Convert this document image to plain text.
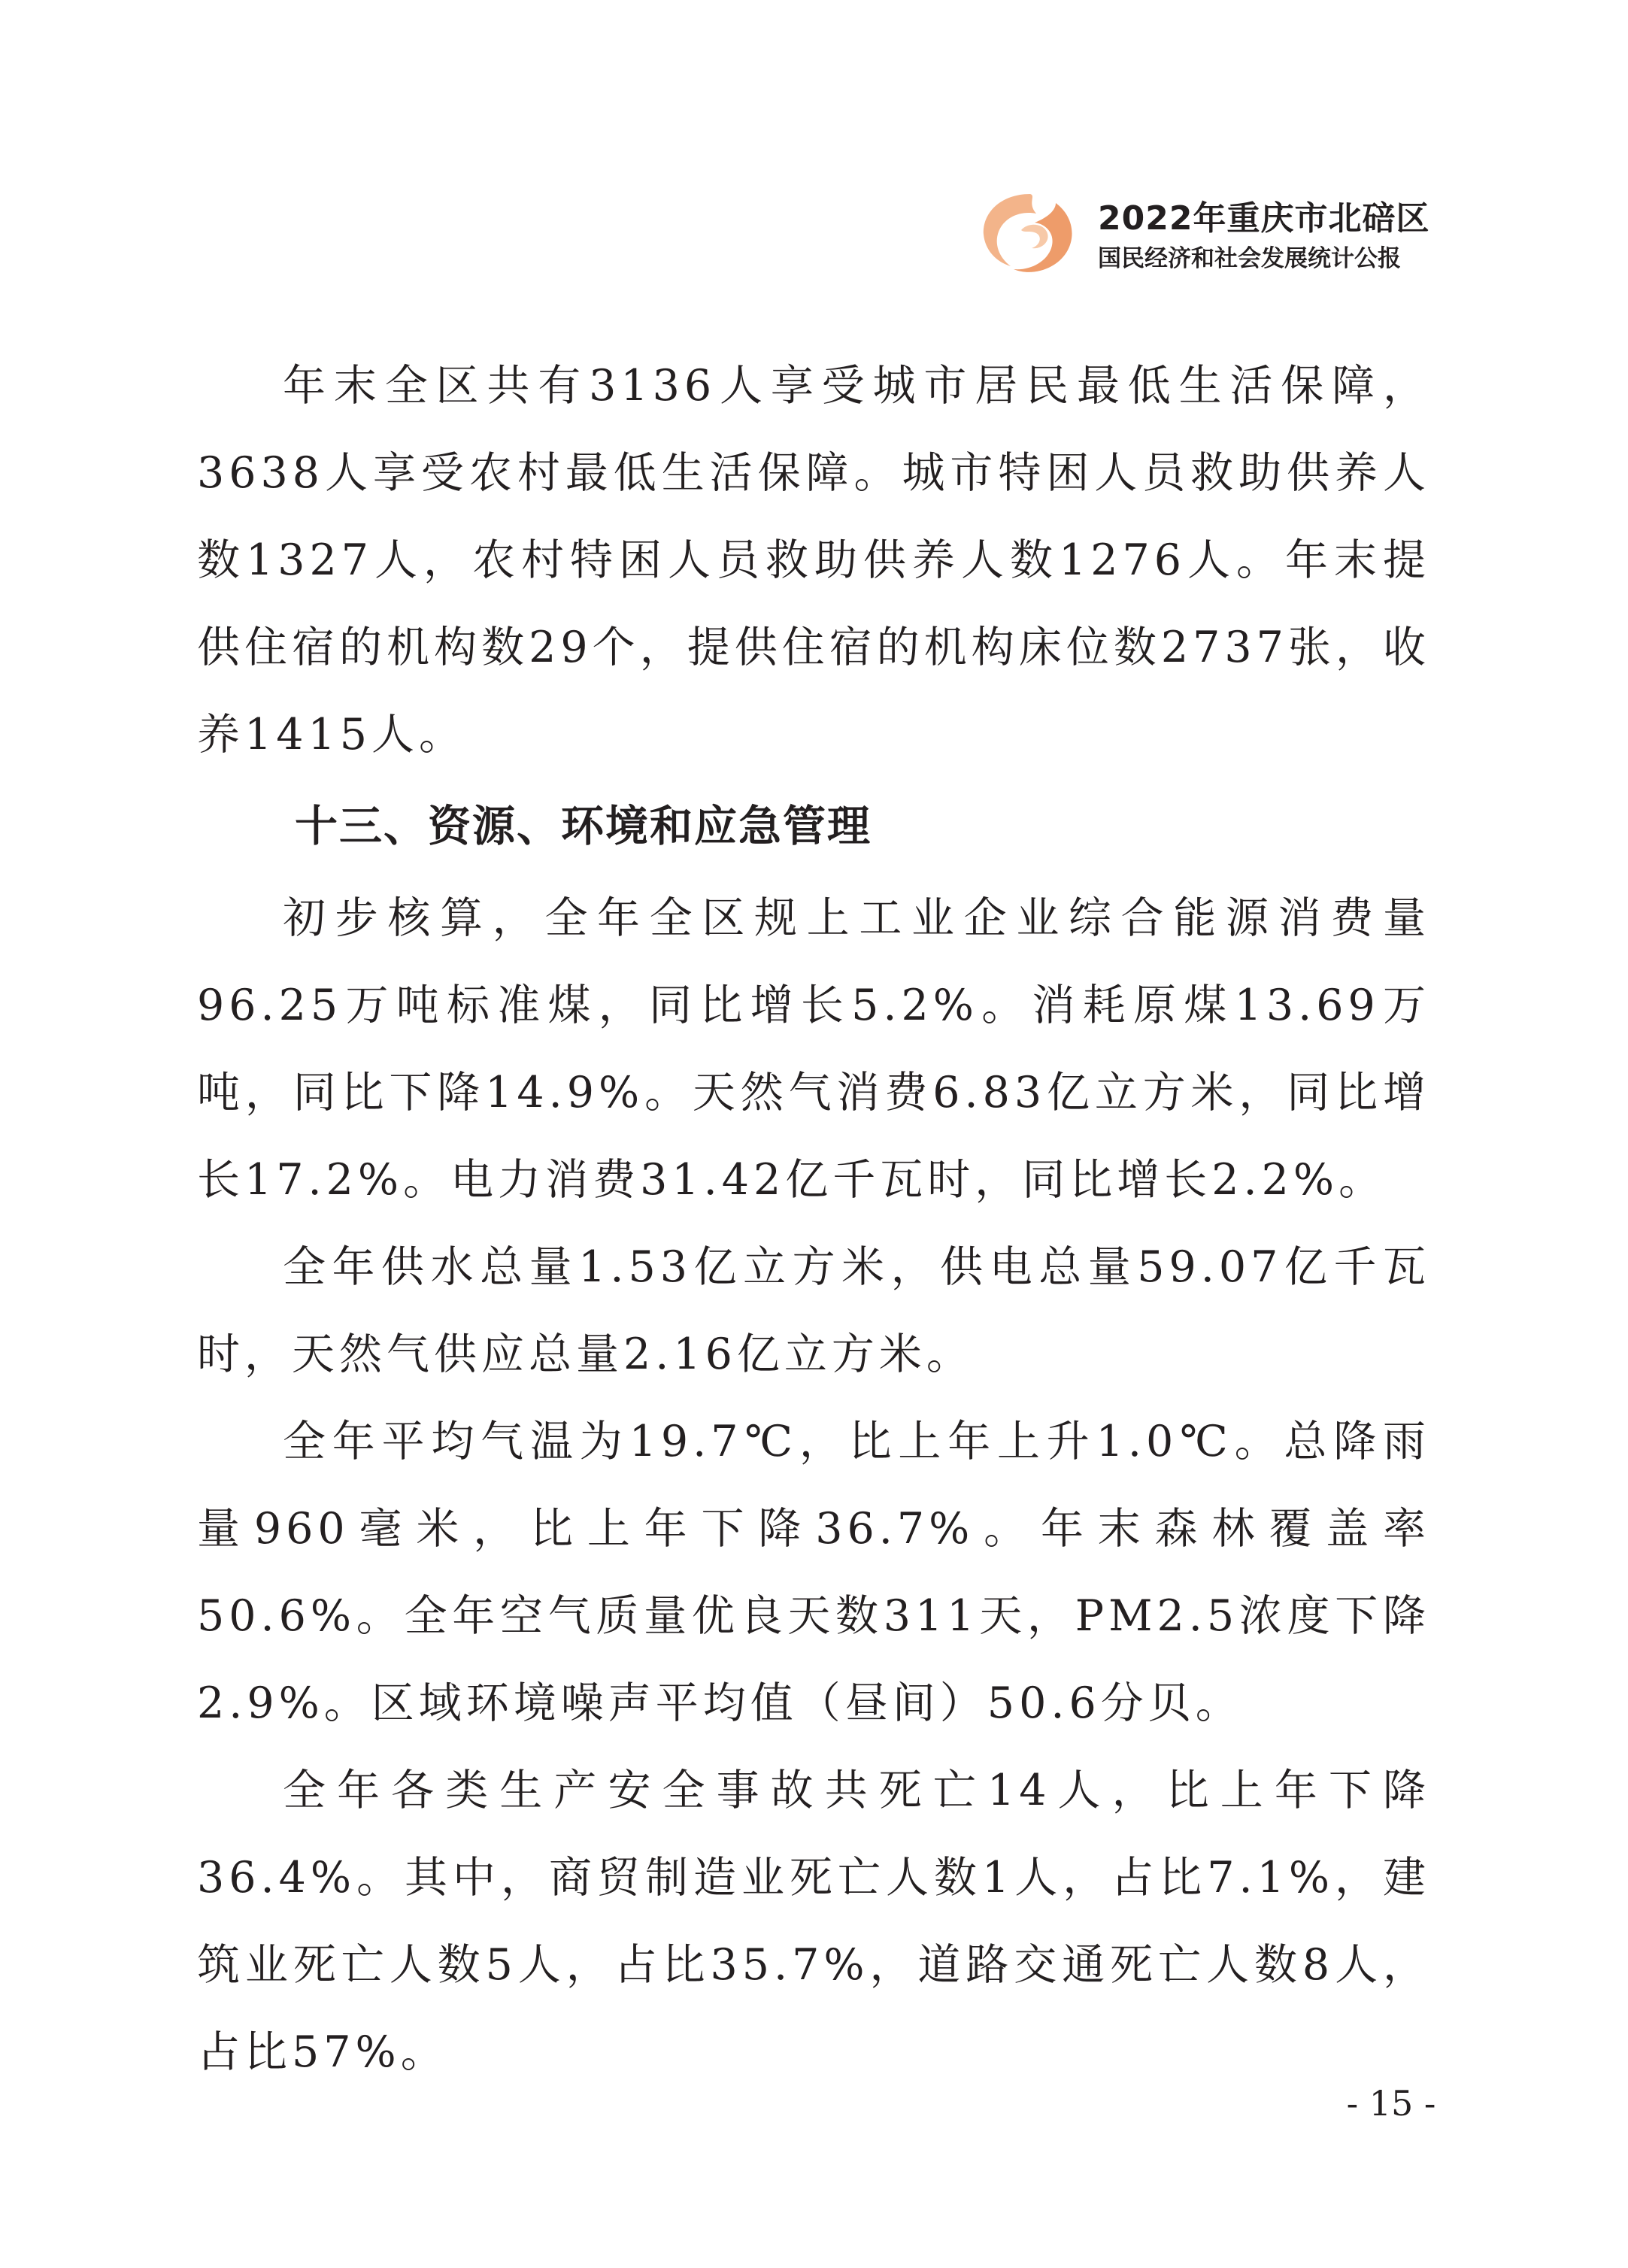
2022年重庆市北碚区
国民经济和社会发展统计公报

年末全区共有3136人享受城市居民最低生活保障，3638人享受农村最低生活保障。城市特困人员救助供养人数1327人，农村特困人员救助供养人数1276人。年末提供住宿的机构数29个，提供住宿的机构床位数2737张，收养1415人。

十三、资源、环境和应急管理

初步核算，全年全区规上工业企业综合能源消费量96.25万吨标准煤，同比增长5.2%。消耗原煤13.69万吨，同比下降14.9%。天然气消费6.83亿立方米，同比增长17.2%。电力消费31.42亿千瓦时，同比增长2.2%。

全年供水总量1.53亿立方米，供电总量59.07亿千瓦时，天然气供应总量2.16亿立方米。

全年平均气温为19.7℃，比上年上升1.0℃。总降雨量960毫米，比上年下降36.7%。年末森林覆盖率50.6%。全年空气质量优良天数311天，PM2.5浓度下降2.9%。区域环境噪声平均值（昼间）50.6分贝。

全年各类生产安全事故共死亡14人，比上年下降36.4%。其中，商贸制造业死亡人数1人，占比7.1%，建筑业死亡人数5人，占比35.7%，道路交通死亡人数8人，占比57%。

- 15 -
